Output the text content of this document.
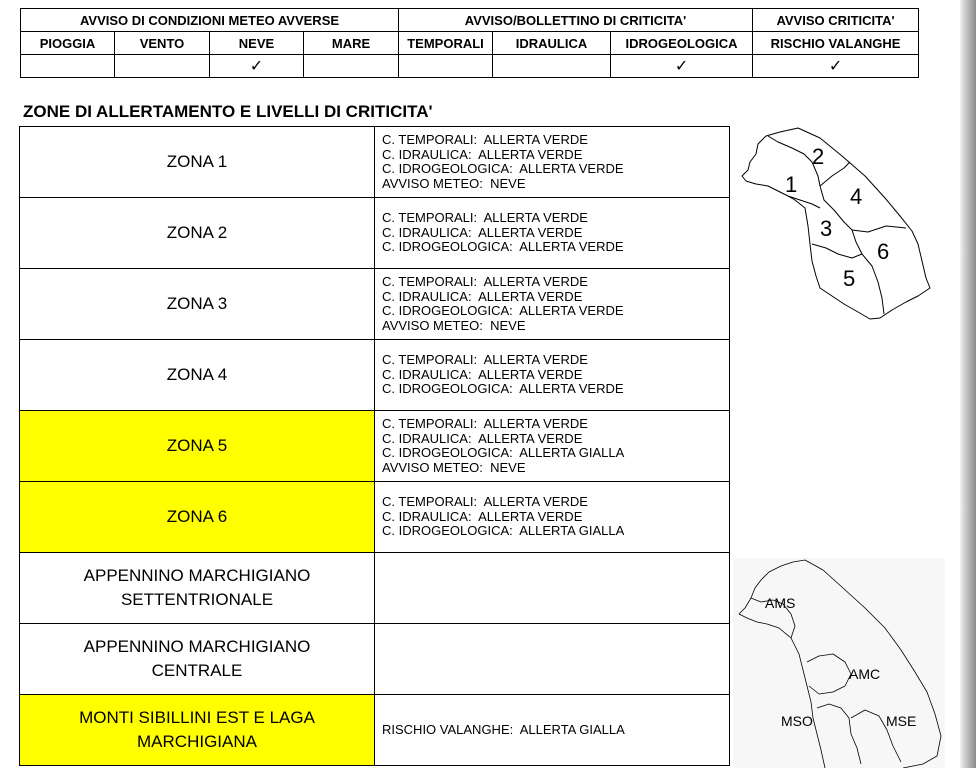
AVVISO DI CONDIZIONI METEO AVVERSE				AVVISO/BOLLETTINO DI CRITICITA'			AVVISO CRITICITA'
PIOGGIA	VENTO	NEVE	MARE	TEMPORALI	IDRAULICA	IDROGEOLOGICA	RISCHIO VALANGHE
		✓				✓	✓
ZONE DI ALLERTAMENTO E LIVELLI DI CRITICITA'
ZONA 1	C. TEMPORALI:  ALLERTA VERDE
C. IDRAULICA:  ALLERTA VERDE
C. IDROGEOLOGICA:  ALLERTA VERDE
AVVISO METEO:  NEVE

ZONA 2	C. TEMPORALI:  ALLERTA VERDE
C. IDRAULICA:  ALLERTA VERDE
C. IDROGEOLOGICA:  ALLERTA VERDE

ZONA 3	C. TEMPORALI:  ALLERTA VERDE
C. IDRAULICA:  ALLERTA VERDE
C. IDROGEOLOGICA:  ALLERTA VERDE
AVVISO METEO:  NEVE

ZONA 4	C. TEMPORALI:  ALLERTA VERDE
C. IDRAULICA:  ALLERTA VERDE
C. IDROGEOLOGICA:  ALLERTA VERDE

ZONA 5	C. TEMPORALI:  ALLERTA VERDE
C. IDRAULICA:  ALLERTA VERDE
C. IDROGEOLOGICA:  ALLERTA GIALLA
AVVISO METEO:  NEVE

ZONA 6	C. TEMPORALI:  ALLERTA VERDE
C. IDRAULICA:  ALLERTA VERDE
C. IDROGEOLOGICA:  ALLERTA GIALLA

APPENNINO MARCHIGIANO
SETTENTRIONALE	

APPENNINO MARCHIGIANO
CENTRALE	

MONTI SIBILLINI EST E LAGA
MARCHIGIANA	RISCHIO VALANGHE:  ALLERTA GIALLA
1
2
3
4
5
6
AMS
AMC
MSO	MSE
